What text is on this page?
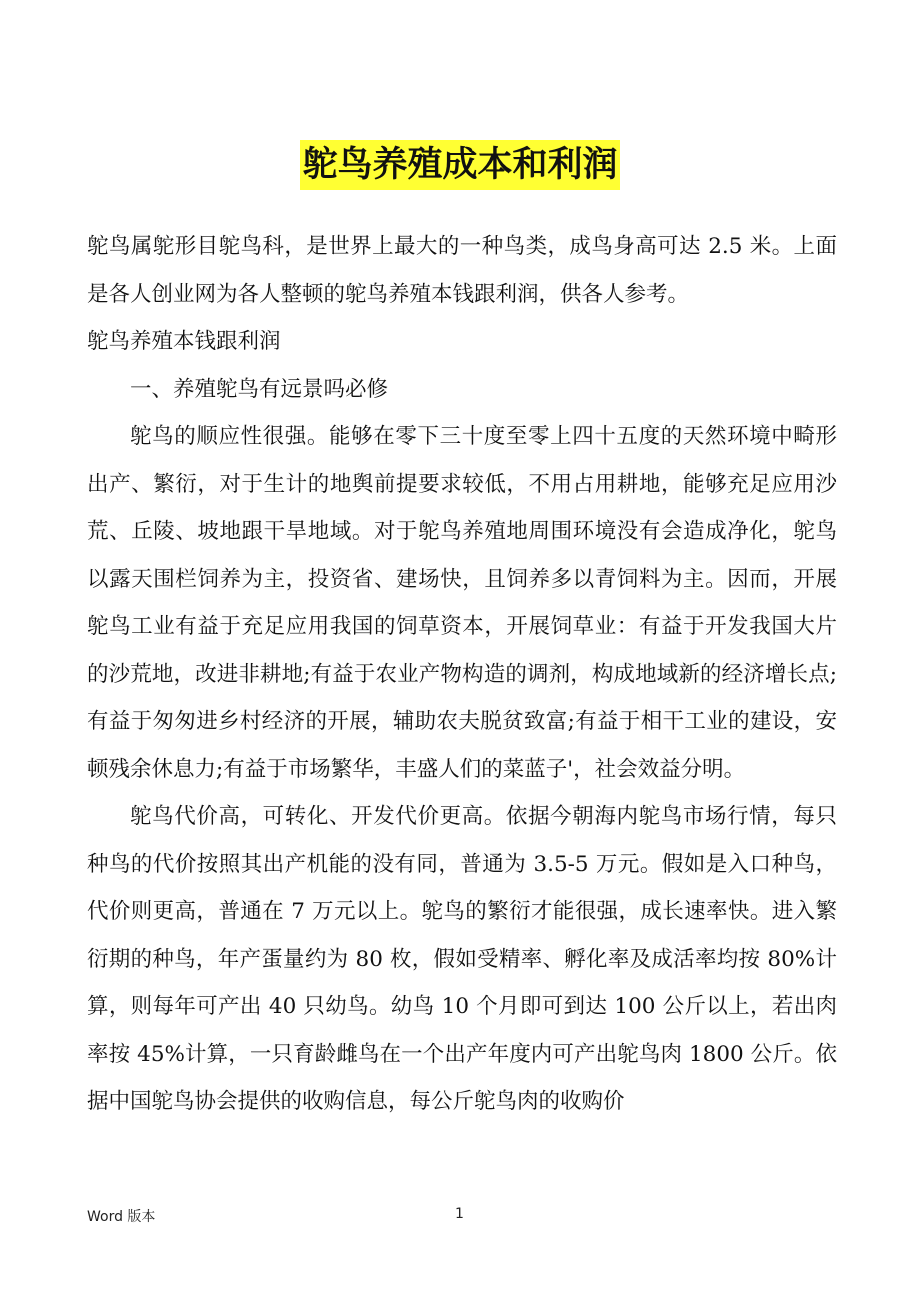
鸵鸟养殖成本和利润

鸵鸟属鸵形目鸵鸟科，是世界上最大的一种鸟类，成鸟身高可达 2.5 米。上面是各人创业网为各人整顿的鸵鸟养殖本钱跟利润，供各人参考。

鸵鸟养殖本钱跟利润

一、养殖鸵鸟有远景吗必修

鸵鸟的顺应性很强。能够在零下三十度至零上四十五度的天然环境中畸形出产、繁衍，对于生计的地舆前提要求较低，不用占用耕地，能够充足应用沙荒、丘陵、坡地跟干旱地域。对于鸵鸟养殖地周围环境没有会造成净化，鸵鸟以露天围栏饲养为主，投资省、建场快，且饲养多以青饲料为主。因而，开展鸵鸟工业有益于充足应用我国的饲草资本，开展饲草业：有益于开发我国大片的沙荒地，改进非耕地;有益于农业产物构造的调剂，构成地域新的经济增长点;有益于匆匆进乡村经济的开展，辅助农夫脱贫致富;有益于相干工业的建设，安顿残余休息力;有益于市场繁华，丰盛人们的菜蓝子'，社会效益分明。

鸵鸟代价高，可转化、开发代价更高。依据今朝海内鸵鸟市场行情，每只种鸟的代价按照其出产机能的没有同，普通为 3.5-5 万元。假如是入口种鸟，代价则更高，普通在 7 万元以上。鸵鸟的繁衍才能很强，成长速率快。进入繁衍期的种鸟，年产蛋量约为 80 枚，假如受精率、孵化率及成活率均按 80%计算，则每年可产出 40 只幼鸟。幼鸟 10 个月即可到达 100 公斤以上，若出肉率按 45%计算，一只育龄雌鸟在一个出产年度内可产出鸵鸟肉 1800 公斤。依据中国鸵鸟协会提供的收购信息，每公斤鸵鸟肉的收购价

Word 版本	1
